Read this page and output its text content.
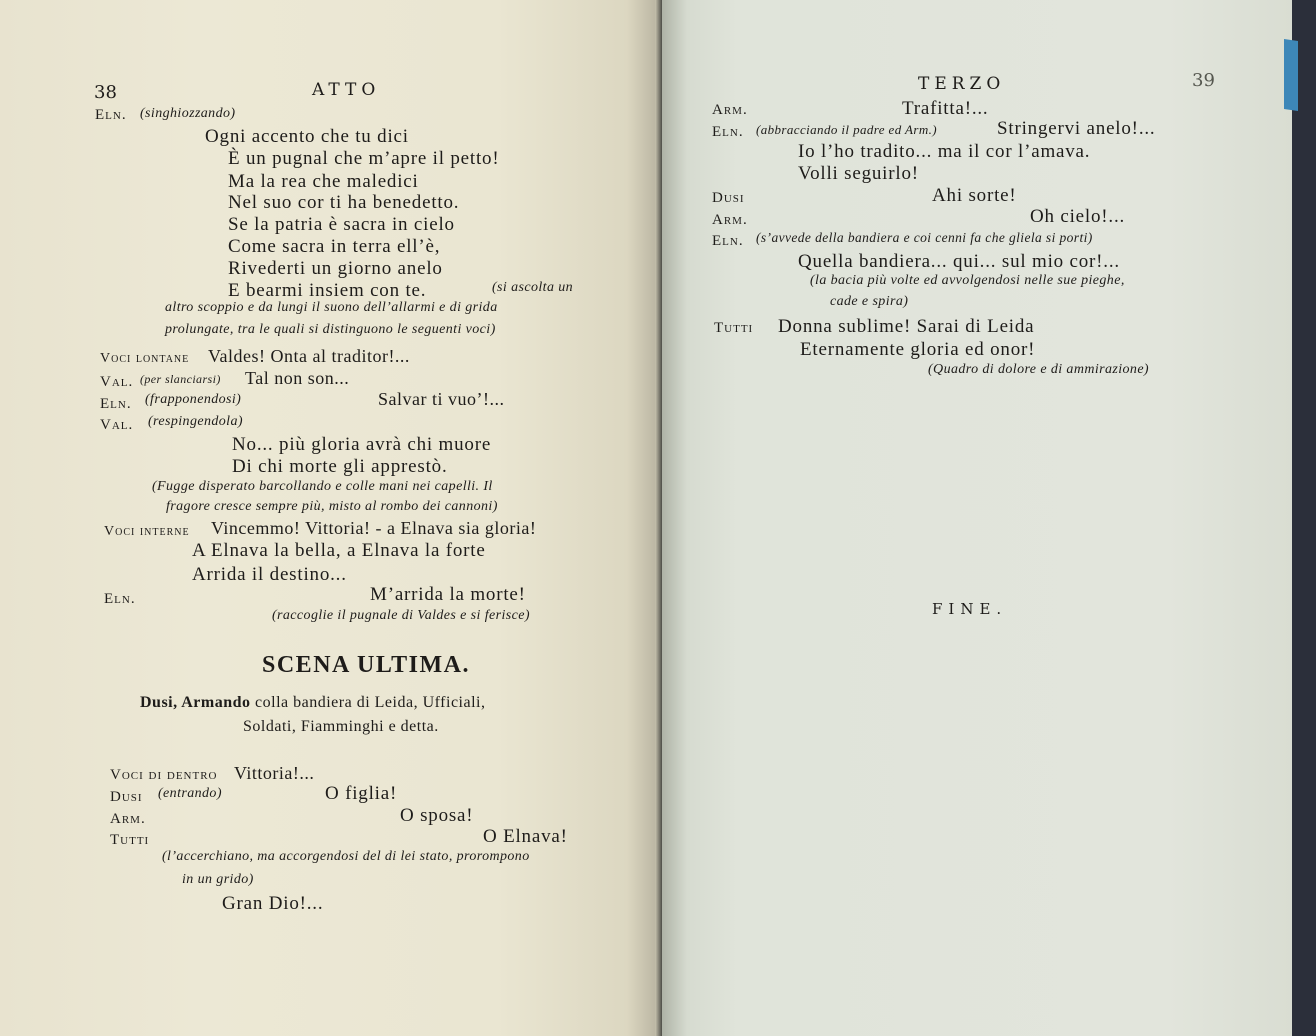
38	ATTO
Eln. (singhiozzando)
Ogni accento che tu dici
È un pugnal che m’apre il petto!
Ma la rea che maledici
Nel suo cor ti ha benedetto.
Se la patria è sacra in cielo
Come sacra in terra ell’è,
Rivederti un giorno anelo
E bearmi insiem con te.	(si ascolta un
altro scoppio e da lungi il suono dell’allarmi e di grida
prolungate, tra le quali si distinguono le seguenti voci)
Voci lontane Valdes! Onta al traditor!...
Val. (per slanciarsi) Tal non son...
Eln. (frapponendosi)	Salvar ti vuo’!...
Val. (respingendola)
No... più gloria avrà chi muore
Di chi morte gli apprestò.
(Fugge disperato barcollando e colle mani nei capelli. Il
fragore cresce sempre più, misto al rombo dei cannoni)
Voci interne Vincemmo! Vittoria! - a Elnava sia gloria!
A Elnava la bella, a Elnava la forte
Arrida il destino...
Eln.	M’arrida la morte!
(raccoglie il pugnale di Valdes e si ferisce)
SCENA ULTIMA.
Dusi, Armando colla bandiera di Leida, Ufficiali,
Soldati, Fiamminghi e detta.
Voci di dentro Vittoria!...
Dusi (entrando)	O figlia!
Arm.	O sposa!
Tutti	O Elnava!
(l’accerchiano, ma accorgendosi del di lei stato, prorompono
in un grido)
Gran Dio!...
TERZO	39
Arm.	Trafitta!...
Eln. (abbracciando il padre ed Arm.)	Stringervi anelo!...
Io l’ho tradito... ma il cor l’amava.
Volli seguirlo!
Dusi	Ahi sorte!
Arm.	Oh cielo!...
Eln. (s’avvede della bandiera e coi cenni fa che gliela si porti)
Quella bandiera... qui... sul mio cor!...
(la bacia più volte ed avvolgendosi nelle sue pieghe,
cade e spira)
Tutti Donna sublime! Sarai di Leida
Eternamente gloria ed onor!
(Quadro di dolore e di ammirazione)
FINE.
